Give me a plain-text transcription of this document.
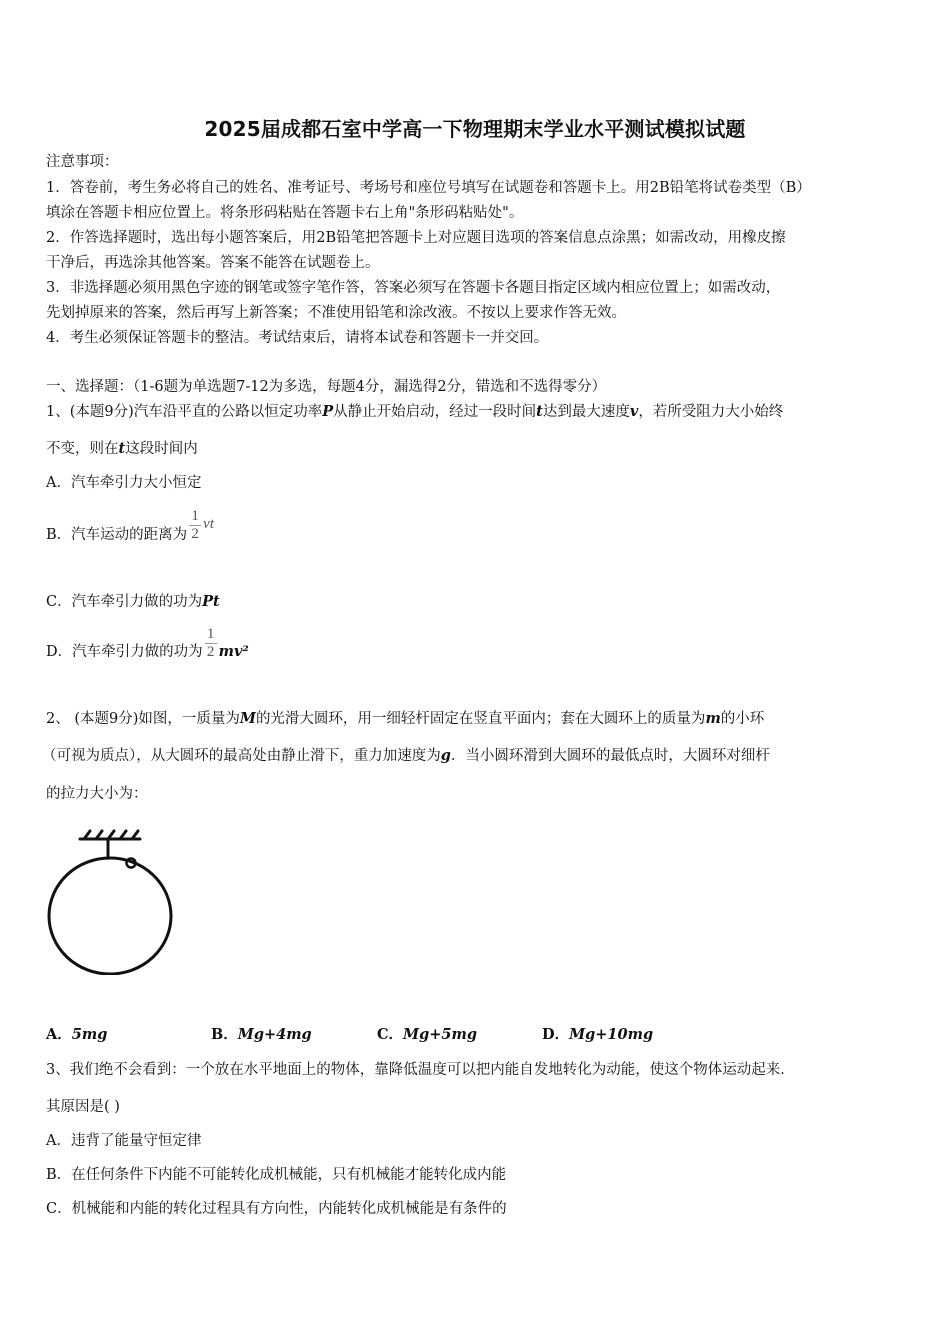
2025届成都石室中学高一下物理期末学业水平测试模拟试题
注意事项：
1．答卷前，考生务必将自己的姓名、准考证号、考场号和座位号填写在试题卷和答题卡上。用2B铅笔将试卷类型（B）
填涂在答题卡相应位置上。将条形码粘贴在答题卡右上角"条形码粘贴处"。
2．作答选择题时，选出每小题答案后，用2B铅笔把答题卡上对应题目选项的答案信息点涂黑；如需改动，用橡皮擦
干净后，再选涂其他答案。答案不能答在试题卷上。
3．非选择题必须用黑色字迹的钢笔或签字笔作答，答案必须写在答题卡各题目指定区域内相应位置上；如需改动，
先划掉原来的答案，然后再写上新答案；不准使用铅笔和涂改液。不按以上要求作答无效。
4．考生必须保证答题卡的整洁。考试结束后，请将本试卷和答题卡一并交回。
一、选择题：（1-6题为单选题7-12为多选，每题4分，漏选得2分，错选和不选得零分）
1、(本题9分)汽车沿平直的公路以恒定功率P从静止开始启动，经过一段时间t达到最大速度v，若所受阻力大小始终
不变，则在t这段时间内
A．汽车牵引力大小恒定
B．汽车运动的距离为 $\frac{1}{2}$ vt
C．汽车牵引力做的功为Pt
D．汽车牵引力做的功为 $\frac{1}{2} mv^2$
2、 (本题9分)如图，一质量为M的光滑大圆环，用一细轻杆固定在竖直平面内；套在大圆环上的质量为m的小环
（可视为质点），从大圆环的最高处由静止滑下，重力加速度为g．当小圆环滑到大圆环的最低点时，大圆环对细杆
的拉力大小为：
A．5mg	B．Mg+4mg	C．Mg+5mg	D．Mg+10mg
3、我们绝不会看到：一个放在水平地面上的物体，靠降低温度可以把内能自发地转化为动能，使这个物体运动起来．
其原因是( )
A．违背了能量守恒定律
B．在任何条件下内能不可能转化成机械能，只有机械能才能转化成内能
C．机械能和内能的转化过程具有方向性，内能转化成机械能是有条件的
